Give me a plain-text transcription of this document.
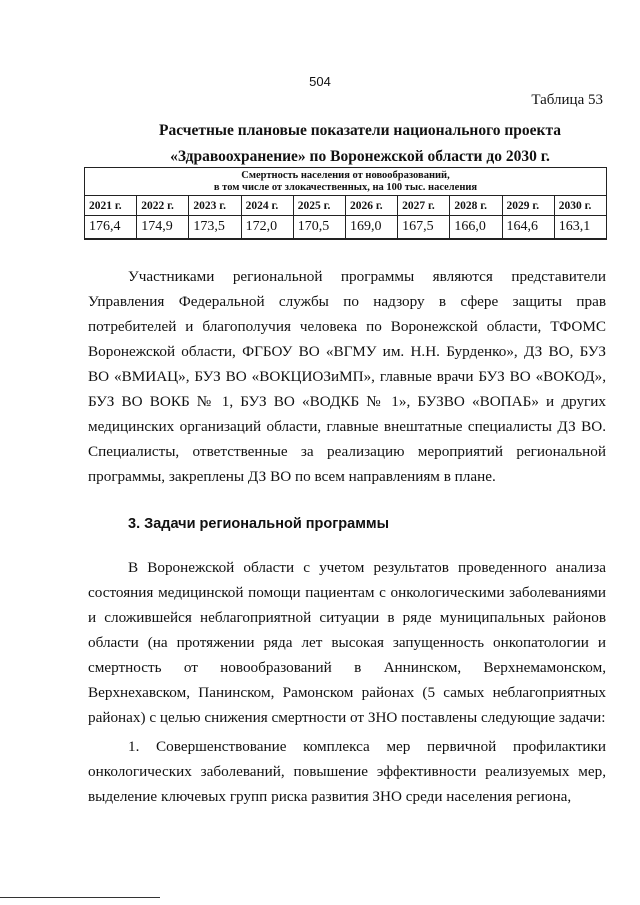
504
Таблица 53
Расчетные плановые показатели национального проекта
«Здравоохранение» по Воронежской области до 2030 г.
Смертность населения от новообразований,
в том числе от злокачественных, на 100 тыс. населения									

2021 г.	2022 г.	2023 г.	2024 г.	2025 г.	2026 г.	2027 г.	2028 г.	2029 г.	2030 г.
176,4	174,9	173,5	172,0	170,5	169,0	167,5	166,0	164,6	163,1

Участниками региональной программы являются представители Управления Федеральной службы по надзору в сфере защиты прав потребителей и благополучия человека по Воронежской области, ТФОМС Воронежской области, ФГБОУ ВО «ВГМУ им. Н.Н. Бурденко», ДЗ ВО, БУЗ ВО «ВМИАЦ», БУЗ ВО «ВОКЦИОЗиМП», главные врачи БУЗ ВО «ВОКОД», БУЗ ВО ВОКБ № 1, БУЗ ВО «ВОДКБ № 1», БУЗВО «ВОПАБ» и других медицинских организаций области, главные внештатные специалисты ДЗ ВО. Специалисты, ответственные за реализацию мероприятий региональной программы, закреплены ДЗ ВО по всем направлениям в плане.

3. Задачи региональной программы

В Воронежской области с учетом результатов проведенного анализа состояния медицинской помощи пациентам с онкологическими заболеваниями и сложившейся неблагоприятной ситуации в ряде муниципальных районов области (на протяжении ряда лет высокая запущенность онкопатологии и смертность от новообразований в Аннинском, Верхнемамонском, Верхнехавском, Панинском, Рамонском районах (5 самых неблагоприятных районах) с целью снижения смертности от ЗНО поставлены следующие задачи:

1. Совершенствование комплекса мер первичной профилактики онкологических заболеваний, повышение эффективности реализуемых мер, выделение ключевых групп риска развития ЗНО среди населения региона,
